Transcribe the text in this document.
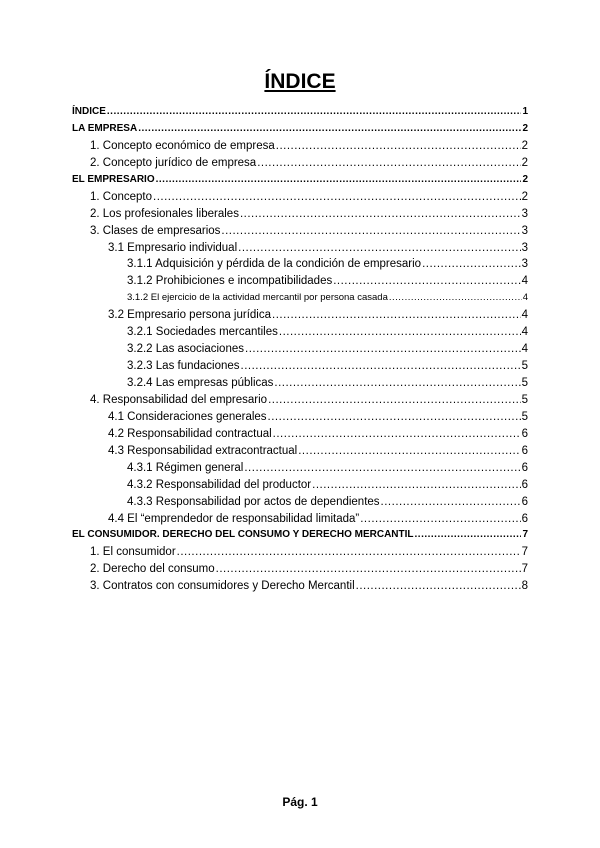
ÍNDICE
ÍNDICE .....	1
LA EMPRESA .....	2
1. Concepto económico de empresa .....	2
2. Concepto jurídico de empresa .....	2
EL EMPRESARIO .....	2
1. Concepto .....	2
2. Los profesionales liberales .....	3
3. Clases de empresarios .....	3
3.1 Empresario individual .....	3
3.1.1 Adquisición y pérdida de la condición de empresario .....	3
3.1.2 Prohibiciones e incompatibilidades .....	4
3.1.2 El ejercicio de la actividad mercantil por persona casada .....	4
3.2 Empresario persona jurídica .....	4
3.2.1 Sociedades mercantiles .....	4
3.2.2 Las asociaciones .....	4
3.2.3 Las fundaciones .....	5
3.2.4 Las empresas públicas .....	5
4. Responsabilidad del empresario .....	5
4.1 Consideraciones generales .....	5
4.2 Responsabilidad contractual .....	6
4.3 Responsabilidad extracontractual .....	6
4.3.1 Régimen general .....	6
4.3.2 Responsabilidad del productor .....	6
4.3.3 Responsabilidad por actos de dependientes .....	6
4.4 El “emprendedor de responsabilidad limitada” .....	6
EL CONSUMIDOR. DERECHO DEL CONSUMO Y DERECHO MERCANTIL .....	7
1. El consumidor .....	7
2. Derecho del consumo .....	7
3. Contratos con consumidores y Derecho Mercantil .....	8
Pág. 1
